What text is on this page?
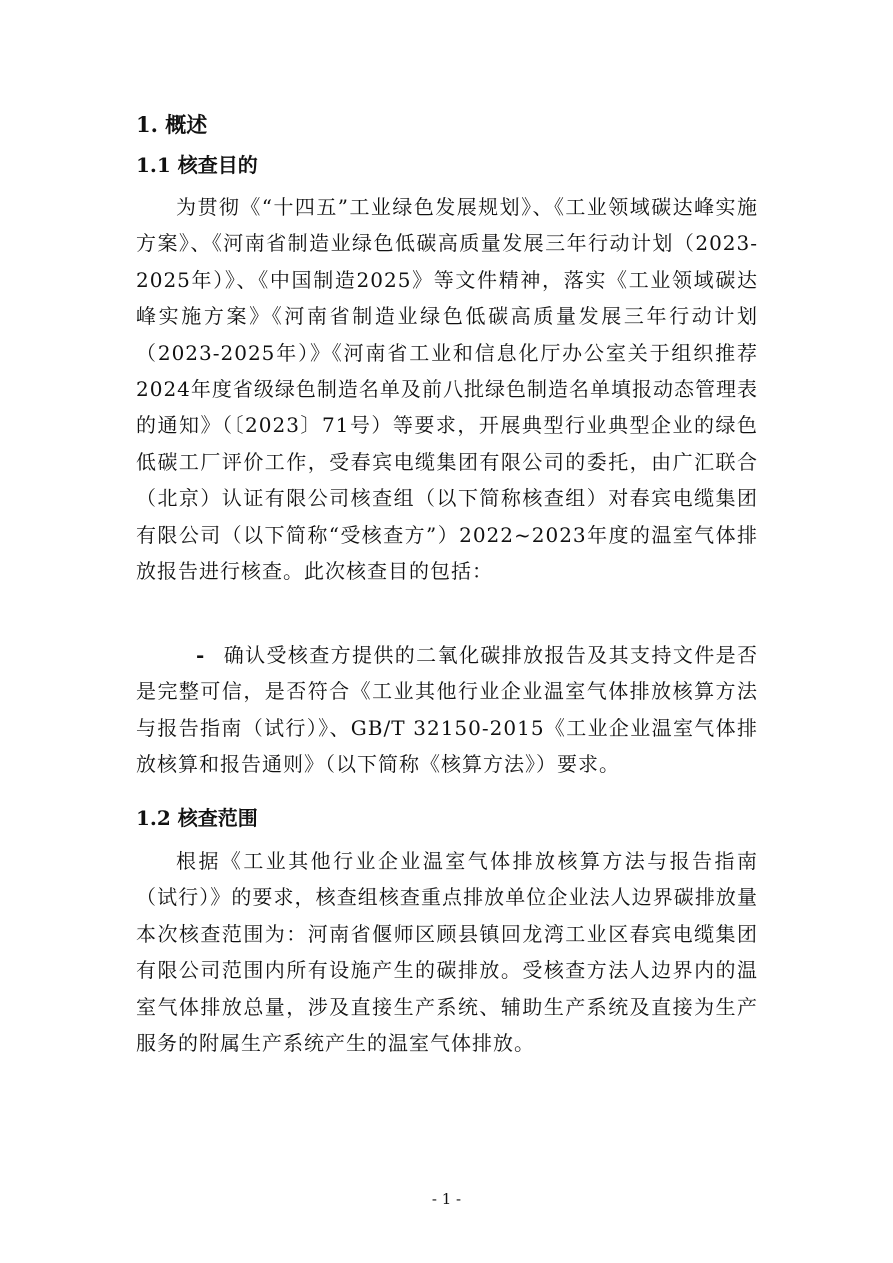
1. 概述
1.1 核查目的

为贯彻《“十四五”工业绿色发展规划》、《工业领域碳达峰实施方案》、《河南省制造业绿色低碳高质量发展三年行动计划（2023-2025年）》、《中国制造2025》等文件精神，落实《工业领域碳达峰实施方案》《河南省制造业绿色低碳高质量发展三年行动计划（2023-2025年）》《河南省工业和信息化厅办公室关于组织推荐2024年度省级绿色制造名单及前八批绿色制造名单填报动态管理表的通知》（〔2023〕71号）等要求，开展典型行业典型企业的绿色低碳工厂评价工作，受春宾电缆集团有限公司的委托，由广汇联合（北京）认证有限公司核查组（以下简称核查组）对春宾电缆集团有限公司（以下简称“受核查方”）2022~2023年度的温室气体排放报告进行核查。此次核查目的包括：

- 确认受核查方提供的二氧化碳排放报告及其支持文件是否是完整可信，是否符合《工业其他行业企业温室气体排放核算方法与报告指南（试行）》、GB/T 32150-2015《工业企业温室气体排放核算和报告通则》（以下简称《核算方法》）要求。

1.2 核查范围

根据《工业其他行业企业温室气体排放核算方法与报告指南（试行）》的要求，核查组核查重点排放单位企业法人边界碳排放量本次核查范围为：河南省偃师区顾县镇回龙湾工业区春宾电缆集团有限公司范围内所有设施产生的碳排放。受核查方法人边界内的温室气体排放总量，涉及直接生产系统、辅助生产系统及直接为生产服务的附属生产系统产生的温室气体排放。

- 1 -
